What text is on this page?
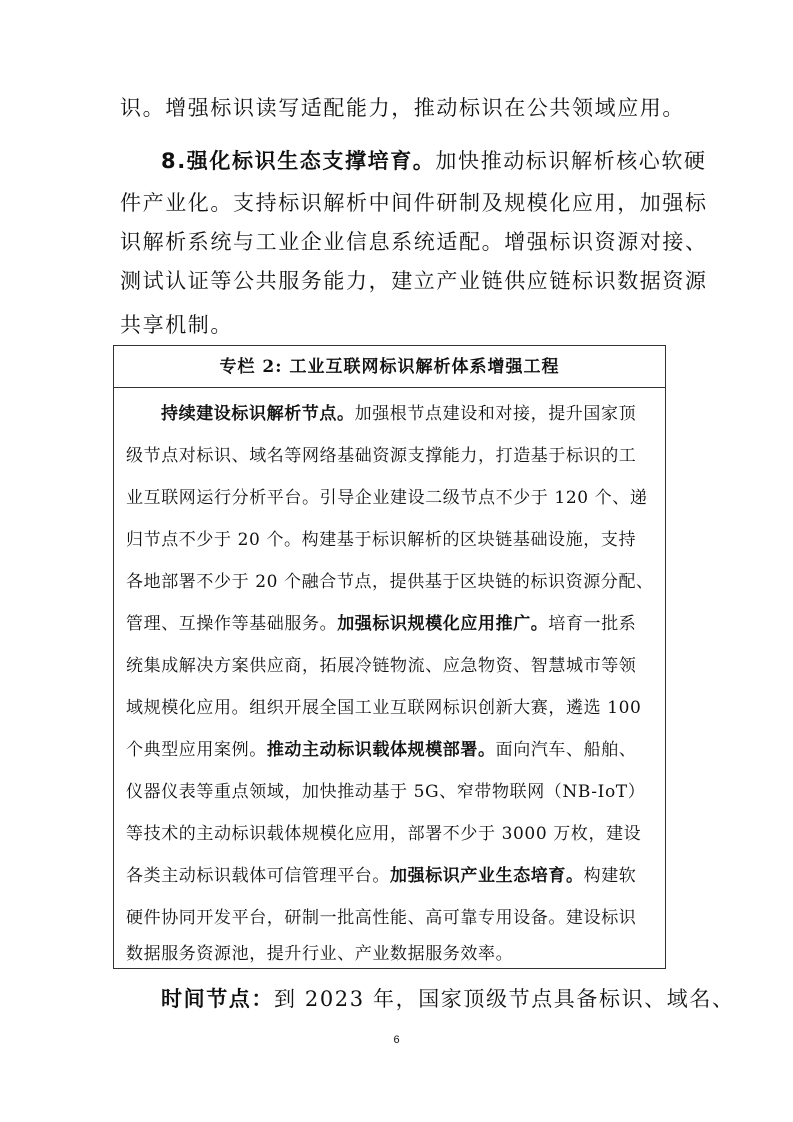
识。增强标识读写适配能力，推动标识在公共领域应用。
8.强化标识生态支撑培育。加快推动标识解析核心软硬
件产业化。支持标识解析中间件研制及规模化应用，加强标
识解析系统与工业企业信息系统适配。增强标识资源对接、
测试认证等公共服务能力，建立产业链供应链标识数据资源
专栏 2: 工业互联网标识解析体系增强工程
持续建设标识解析节点。加强根节点建设和对接，提升国家顶
级节点对标识、域名等网络基础资源支撑能力，打造基于标识的工
业互联网运行分析平台。引导企业建设二级节点不少于 120 个、递
归节点不少于 20 个。构建基于标识解析的区块链基础设施，支持
各地部署不少于 20 个融合节点，提供基于区块链的标识资源分配、
管理、互操作等基础服务。加强标识规模化应用推广。培育一批系
统集成解决方案供应商，拓展冷链物流、应急物资、智慧城市等领
域规模化应用。组织开展全国工业互联网标识创新大赛，遴选 100
个典型应用案例。推动主动标识载体规模部署。面向汽车、船舶、
仪器仪表等重点领域，加快推动基于 5G、窄带物联网（NB-IoT）
等技术的主动标识载体规模化应用，部署不少于 3000 万枚，建设
各类主动标识载体可信管理平台。加强标识产业生态培育。构建软
硬件协同开发平台，研制一批高性能、高可靠专用设备。建设标识
数据服务资源池，提升行业、产业数据服务效率。
时间节点：到 2023 年，国家顶级节点具备标识、域名、
6
共享机制。
